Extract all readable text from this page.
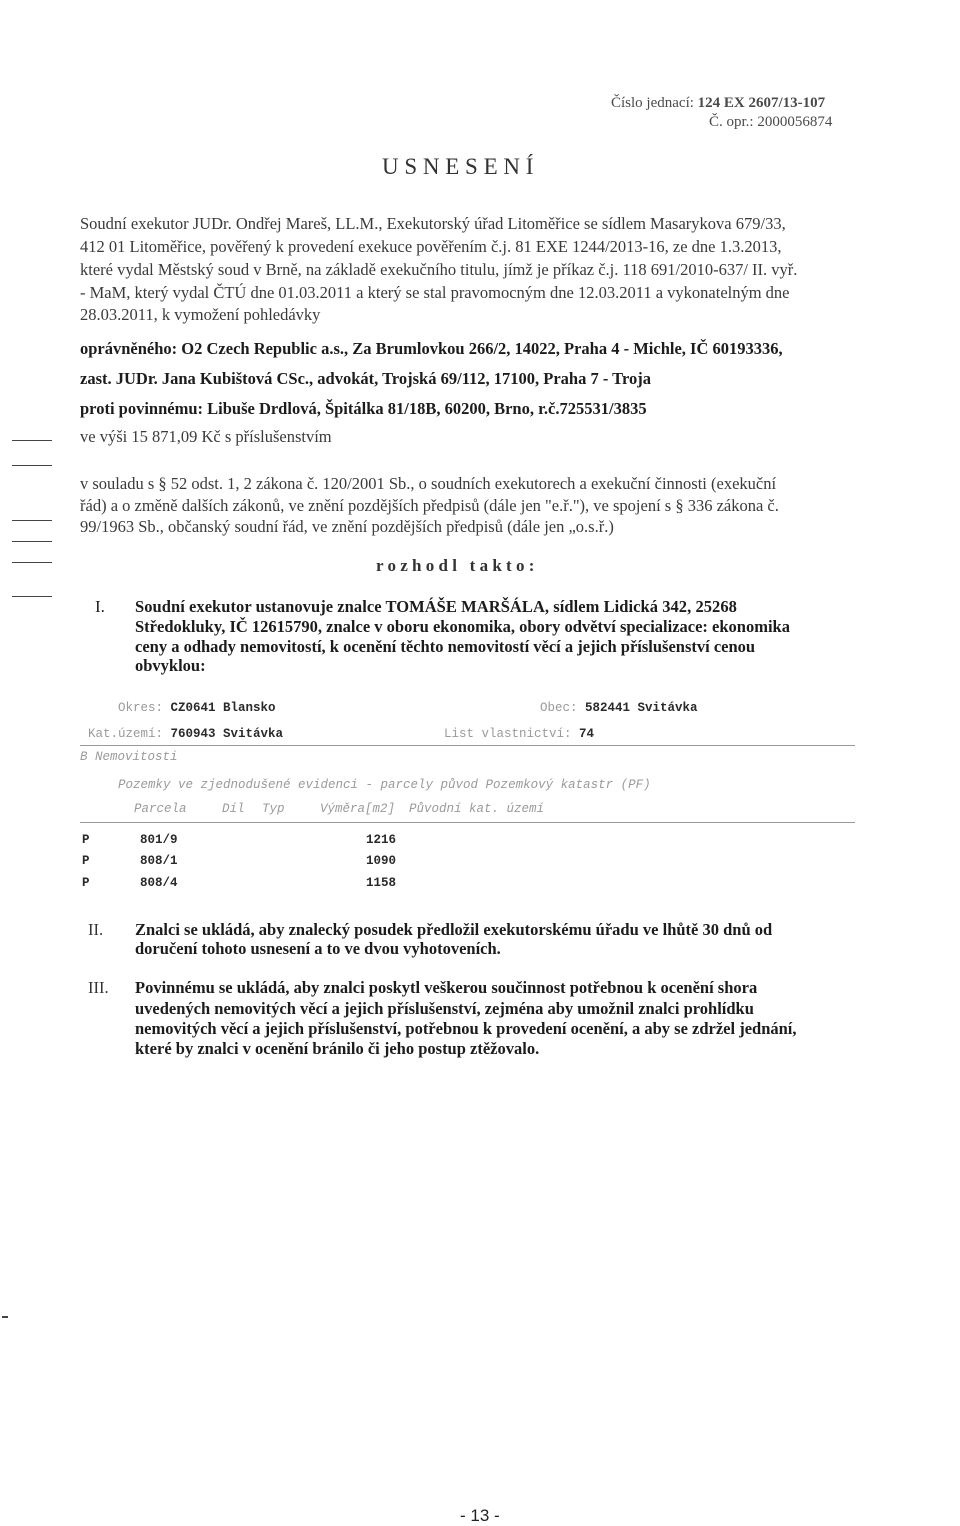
Číslo jednací: 124 EX 2607/13-107
Č. opr.: 2000056874
U S N E S E N Í
Soudní exekutor JUDr. Ondřej Mareš, LL.M., Exekutorský úřad Litoměřice se sídlem Masarykova 679/33,
412 01 Litoměřice, pověřený k provedení exekuce pověřením č.j. 81 EXE 1244/2013-16, ze dne 1.3.2013,
které vydal Městský soud v Brně, na základě exekučního titulu, jímž je příkaz č.j. 118 691/2010-637/ II. vyř.
- MaM, který vydal ČTÚ dne 01.03.2011 a který se stal pravomocným dne 12.03.2011 a vykonatelným dne
28.03.2011, k vymožení pohledávky
oprávněného: O2 Czech Republic a.s., Za Brumlovkou 266/2, 14022, Praha 4 - Michle, IČ 60193336,
zast. JUDr. Jana Kubištová CSc., advokát, Trojská 69/112, 17100, Praha 7 - Troja
proti povinnému: Libuše Drdlová, Špitálka 81/18B, 60200, Brno, r.č.725531/3835
ve výši 15 871,09 Kč s příslušenstvím
v souladu s § 52 odst. 1, 2 zákona č. 120/2001 Sb., o soudních exekutorech a exekuční činnosti (exekuční
řád) a o změně dalších zákonů, ve znění pozdějších předpisů (dále jen "e.ř."), ve spojení s § 336 zákona č.
99/1963 Sb., občanský soudní řád, ve znění pozdějších předpisů (dále jen „o.s.ř.)
r o z h o d l   t a k t o :
I. Soudní exekutor ustanovuje znalce TOMÁŠE MARŠÁLA, sídlem Lidická 342, 25268
Středokluky, IČ 12615790, znalce v oboru ekonomika, obory odvětví specializace: ekonomika
ceny a odhady nemovitostí, k ocenění těchto nemovitostí věcí a jejich příslušenství cenou
obvyklou:
Okres: CZ0641 Blansko	Obec: 582441 Svitávka
Kat.území: 760943 Svitávka	List vlastnictví: 74
B Nemovitosti
Pozemky ve zjednodušené evidenci - parcely původ Pozemkový katastr (PF)
Parcela	Díl Typ	Výměra[m2] Původní kat. území
P	801/9	1216
P	808/1	1090
P	808/4	1158
II. Znalci se ukládá, aby znalecký posudek předložil exekutorskému úřadu ve lhůtě 30 dnů od
doručení tohoto usnesení a to ve dvou vyhotoveních.
III. Povinnému se ukládá, aby znalci poskytl veškerou součinnost potřebnou k ocenění shora
uvedených nemovitých věcí a jejich příslušenství, zejména aby umožnil znalci prohlídku
nemovitých věcí a jejich příslušenství, potřebnou k provedení ocenění, a aby se zdržel jednání,
které by znalci v ocenění bránilo či jeho postup ztěžovalo.
- 13 -
